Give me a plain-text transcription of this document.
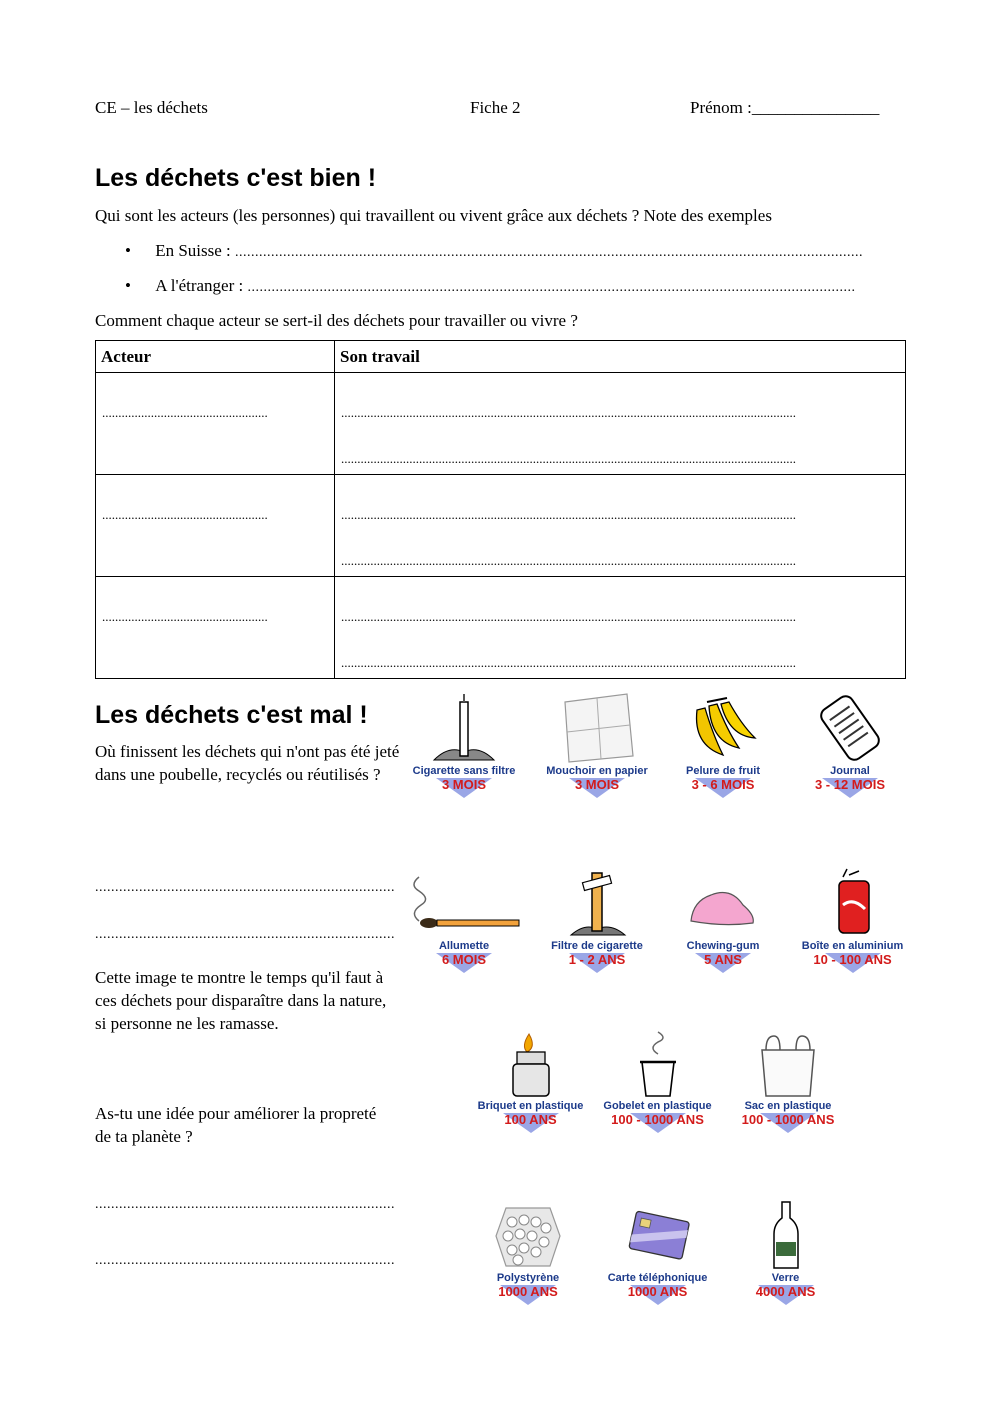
CE – les déchets	Fiche 2	Prénom :_______________
Les déchets c'est bien !
Qui sont les acteurs (les personnes) qui travaillent ou vivent grâce aux déchets ? Note des exemples
• En Suisse : .............................................................................................................................................................
• A l'étranger : ........................................................................................................................................................
Comment chaque acteur se sert-il des déchets pour travailler ou vivre ?
Acteur	Son travail

...................................................	............................................................................................................................................
............................................................................................................................................

...................................................	............................................................................................................................................
............................................................................................................................................

...................................................	............................................................................................................................................
............................................................................................................................................
Les déchets c'est mal !
Où finissent les déchets qui n'ont pas été jeté dans une poubelle, recyclés ou réutilisés ?
...........................................................................
...........................................................................
Cette image te montre le temps qu'il faut à ces déchets pour disparaître dans la nature, si personne ne les ramasse.
As-tu une idée pour améliorer la propreté de ta planète ?
...........................................................................
...........................................................................
Cigarette sans filtre
3 MOIS
Mouchoir en papier
3 MOIS
Pelure de fruit
3 - 6 MOIS
Journal
3 - 12 MOIS
Allumette
6 MOIS
Filtre de cigarette
1 - 2 ANS
Chewing-gum
5 ANS
Boîte en aluminium
10 - 100 ANS
Briquet en plastique
100 ANS
Gobelet en plastique
100 - 1000 ANS
Sac en plastique
100 - 1000 ANS
Polystyrène
1000 ANS
Carte téléphonique
1000 ANS
Verre
4000 ANS
